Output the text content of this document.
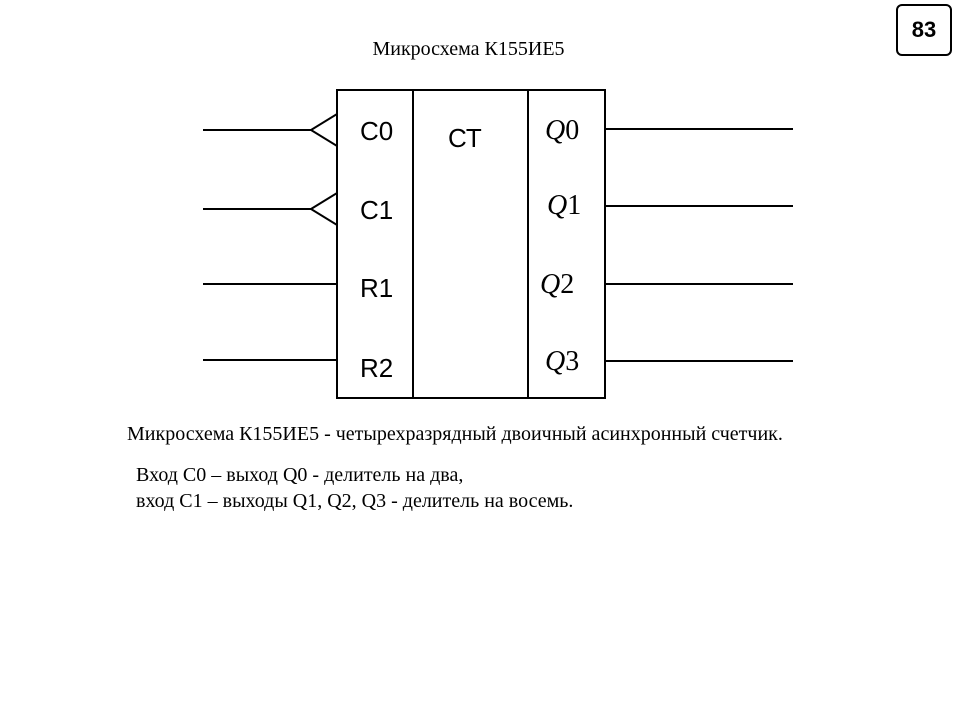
83
Микросхема К155ИЕ5
СТ
C0
C1
R1
R2
Q0
Q1
Q2
Q3
Микросхема К155ИЕ5 - четырехразрядный двоичный асинхронный счетчик.
Вход С0 – выход Q0 - делитель на два,
вход С1 – выходы Q1, Q2, Q3 - делитель на восемь.
